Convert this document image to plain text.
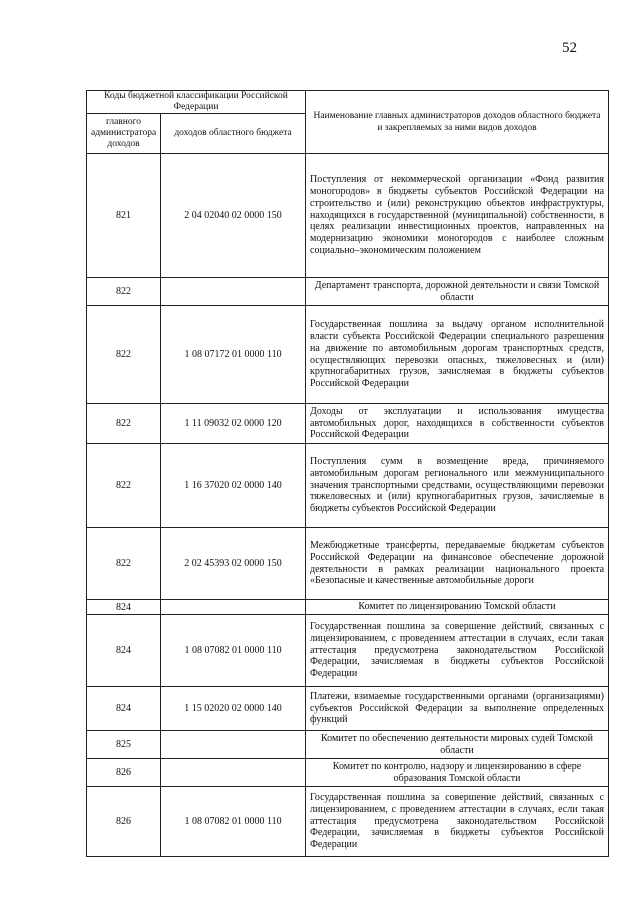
52
Коды бюджетной классификации Российской Федерации		Наименование главных администраторов доходов областного бюджета и закрепляемых за ними видов доходов
главного администратора доходов	доходов областного бюджета	
821	2 04 02040 02 0000 150	Поступления от некоммерческой организации «Фонд развития моногородов» в бюджеты субъектов Российской Федерации на строительство и (или) реконструкцию объектов инфраструктуры, находящихся в государственной (муниципальной) собственности, в целях реализации инвестиционных проектов, направленных на модернизацию экономики моногородов с наиболее сложным социально–экономическим положением
822		Департамент транспорта, дорожной деятельности и связи Томской области
822	1 08 07172 01 0000 110	Государственная пошлина за выдачу органом исполнительной власти субъекта Российской Федерации специального разрешения на движение по автомобильным дорогам транспортных средств, осуществляющих перевозки опасных, тяжеловесных и (или) крупногабаритных грузов, зачисляемая в бюджеты субъектов Российской Федерации
822	1 11 09032 02 0000 120	Доходы от эксплуатации и использования имущества автомобильных дорог, находящихся в собственности субъектов Российской Федерации
822	1 16 37020 02 0000 140	Поступления сумм в возмещение вреда, причиняемого автомобильным дорогам регионального или межмуниципального значения транспортными средствами, осуществляющими перевозки тяжеловесных и (или) крупногабаритных грузов, зачисляемые в бюджеты субъектов Российской Федерации
822	2 02 45393 02 0000 150	Межбюджетные трансферты, передаваемые бюджетам субъектов Российской Федерации на финансовое обеспечение дорожной деятельности в рамках реализации национального проекта «Безопасные и качественные автомобильные дороги
824		Комитет по лицензированию Томской области
824	1 08 07082 01 0000 110	Государственная пошлина за совершение действий, связанных с лицензированием, с проведением аттестации в случаях, если такая аттестация предусмотрена законодательством Российской Федерации, зачисляемая в бюджеты субъектов Российской Федерации
824	1 15 02020 02 0000 140	Платежи, взимаемые государственными органами (организациями) субъектов Российской Федерации за выполнение определенных функций
825		Комитет по обеспечению деятельности мировых судей Томской области
826		Комитет по контролю, надзору и лицензированию в сфере образования Томской области
826	1 08 07082 01 0000 110	Государственная пошлина за совершение действий, связанных с лицензированием, с проведением аттестации в случаях, если такая аттестация предусмотрена законодательством Российской Федерации, зачисляемая в бюджеты субъектов Российской Федерации
